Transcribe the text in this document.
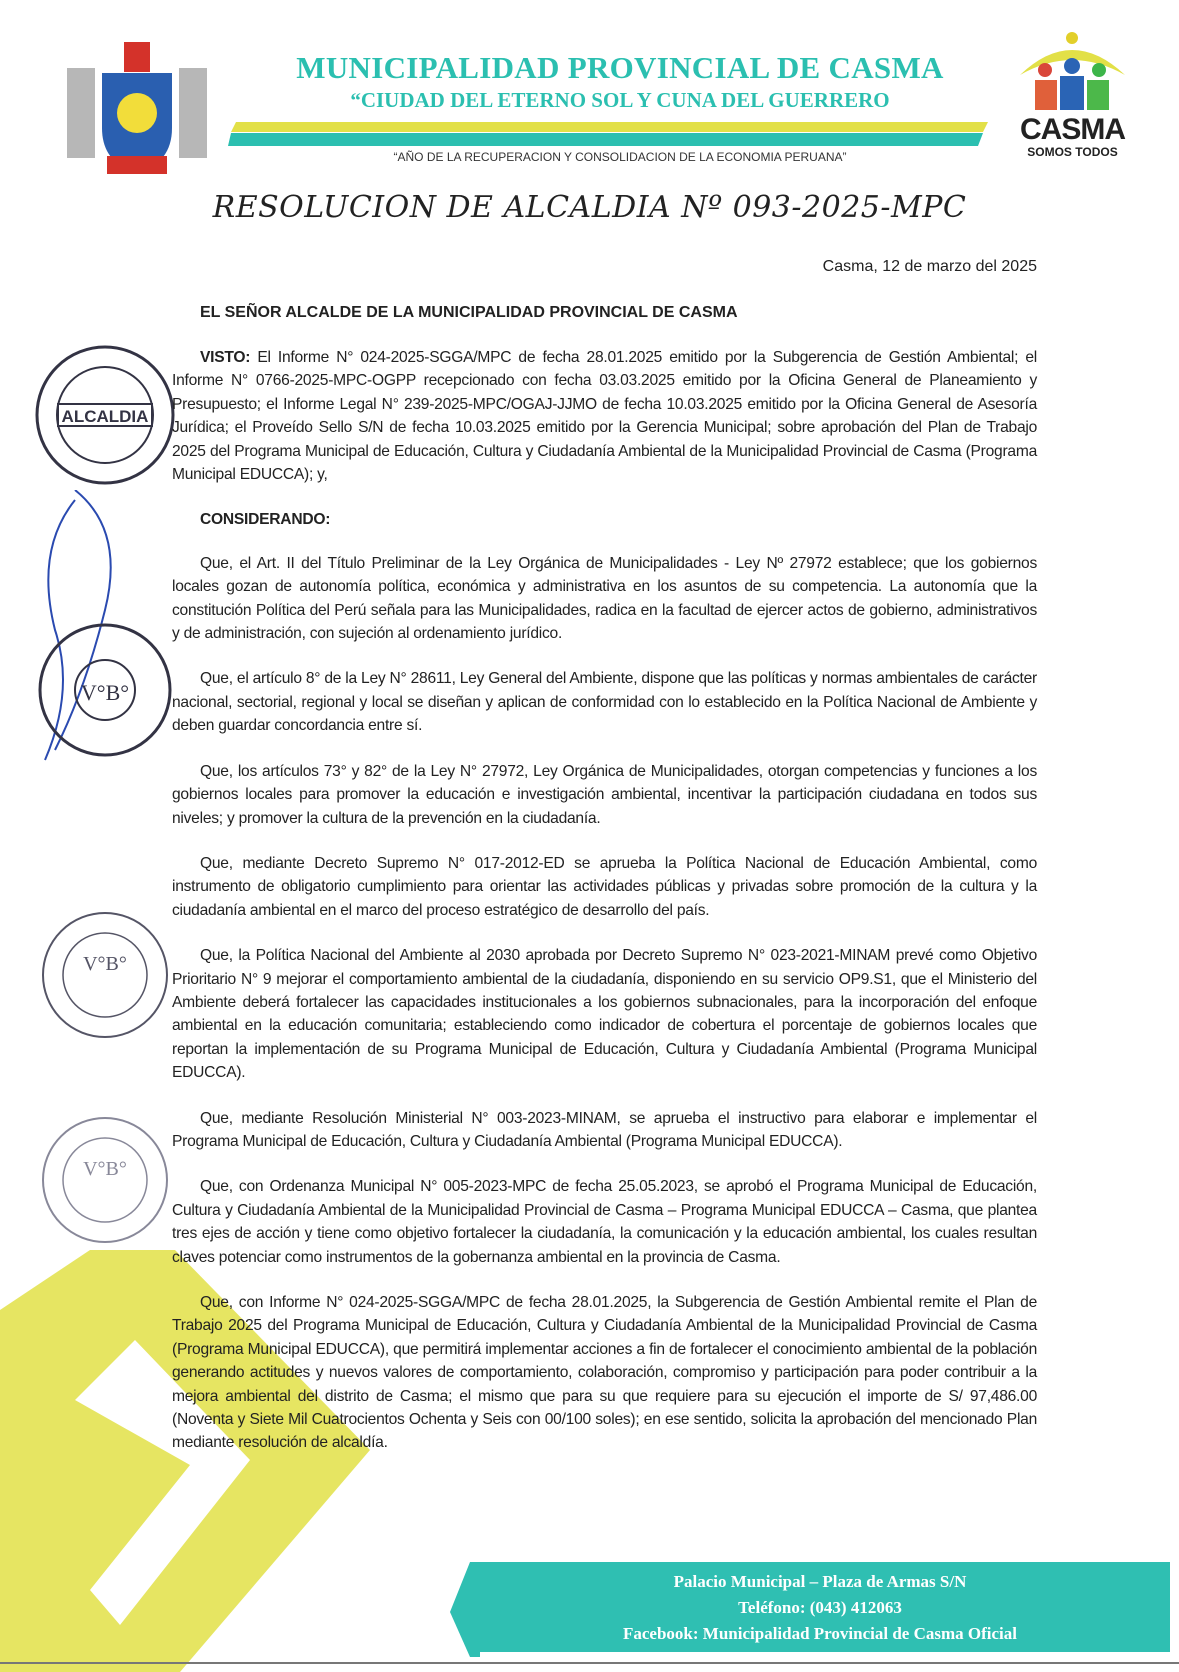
MUNICIPALIDAD PROVINCIAL DE CASMA
“CIUDAD DEL ETERNO SOL Y CUNA DEL GUERRERO
“AÑO DE LA RECUPERACION Y CONSOLIDACION DE LA ECONOMIA PERUANA”
CASMA
SOMOS TODOS
RESOLUCION DE ALCALDIA Nº 093-2025-MPC
Casma, 12 de marzo del 2025
EL SEÑOR ALCALDE DE LA MUNICIPALIDAD PROVINCIAL DE CASMA
ALCALDIA
V°B°
V°B°
V°B°

VISTO: El Informe N° 024-2025-SGGA/MPC de fecha 28.01.2025 emitido por la Subgerencia de Gestión Ambiental; el Informe N° 0766-2025-MPC-OGPP recepcionado con fecha 03.03.2025 emitido por la Oficina General de Planeamiento y Presupuesto; el Informe Legal N° 239-2025-MPC/OGAJ-JJMO de fecha 10.03.2025 emitido por la Oficina General de Asesoría Jurídica; el Proveído Sello S/N de fecha 10.03.2025 emitido por la Gerencia Municipal; sobre aprobación del Plan de Trabajo 2025 del Programa Municipal de Educación, Cultura y Ciudadanía Ambiental de la Municipalidad Provincial de Casma (Programa Municipal EDUCCA); y,

CONSIDERANDO:

Que, el Art. II del Título Preliminar de la Ley Orgánica de Municipalidades - Ley Nº 27972 establece; que los gobiernos locales gozan de autonomía política, económica y administrativa en los asuntos de su competencia. La autonomía que la constitución Política del Perú señala para las Municipalidades, radica en la facultad de ejercer actos de gobierno, administrativos y de administración, con sujeción al ordenamiento jurídico.

Que, el artículo 8° de la Ley N° 28611, Ley General del Ambiente, dispone que las políticas y normas ambientales de carácter nacional, sectorial, regional y local se diseñan y aplican de conformidad con lo establecido en la Política Nacional de Ambiente y deben guardar concordancia entre sí.

Que, los artículos 73° y 82° de la Ley N° 27972, Ley Orgánica de Municipalidades, otorgan competencias y funciones a los gobiernos locales para promover la educación e investigación ambiental, incentivar la participación ciudadana en todos sus niveles; y promover la cultura de la prevención en la ciudadanía.

Que, mediante Decreto Supremo N° 017-2012-ED se aprueba la Política Nacional de Educación Ambiental, como instrumento de obligatorio cumplimiento para orientar las actividades públicas y privadas sobre promoción de la cultura y la ciudadanía ambiental en el marco del proceso estratégico de desarrollo del país.

Que, la Política Nacional del Ambiente al 2030 aprobada por Decreto Supremo N° 023-2021-MINAM prevé como Objetivo Prioritario N° 9 mejorar el comportamiento ambiental de la ciudadanía, disponiendo en su servicio OP9.S1, que el Ministerio del Ambiente deberá fortalecer las capacidades institucionales a los gobiernos subnacionales, para la incorporación del enfoque ambiental en la educación comunitaria; estableciendo como indicador de cobertura el porcentaje de gobiernos locales que reportan la implementación de su Programa Municipal de Educación, Cultura y Ciudadanía Ambiental (Programa Municipal EDUCCA).

Que, mediante Resolución Ministerial N° 003-2023-MINAM, se aprueba el instructivo para elaborar e implementar el Programa Municipal de Educación, Cultura y Ciudadanía Ambiental (Programa Municipal EDUCCA).

Que, con Ordenanza Municipal N° 005-2023-MPC de fecha 25.05.2023, se aprobó el Programa Municipal de Educación, Cultura y Ciudadanía Ambiental de la Municipalidad Provincial de Casma – Programa Municipal EDUCCA – Casma, que plantea tres ejes de acción y tiene como objetivo fortalecer la ciudadanía, la comunicación y la educación ambiental, los cuales resultan claves potenciar como instrumentos de la gobernanza ambiental en la provincia de Casma.

Que, con Informe N° 024-2025-SGGA/MPC de fecha 28.01.2025, la Subgerencia de Gestión Ambiental remite el Plan de Trabajo 2025 del Programa Municipal de Educación, Cultura y Ciudadanía Ambiental de la Municipalidad Provincial de Casma (Programa Municipal EDUCCA), que permitirá implementar acciones a fin de fortalecer el conocimiento ambiental de la población generando actitudes y nuevos valores de comportamiento, colaboración, compromiso y participación para poder contribuir a la mejora ambiental del distrito de Casma; el mismo que para su que requiere para su ejecución el importe de S/ 97,486.00 (Noventa y Siete Mil Cuatrocientos Ochenta y Seis con 00/100 soles); en ese sentido, solicita la aprobación del mencionado Plan mediante resolución de alcaldía.

Palacio Municipal – Plaza de Armas S/N
Teléfono: (043) 412063
Facebook: Municipalidad Provincial de Casma Oficial
